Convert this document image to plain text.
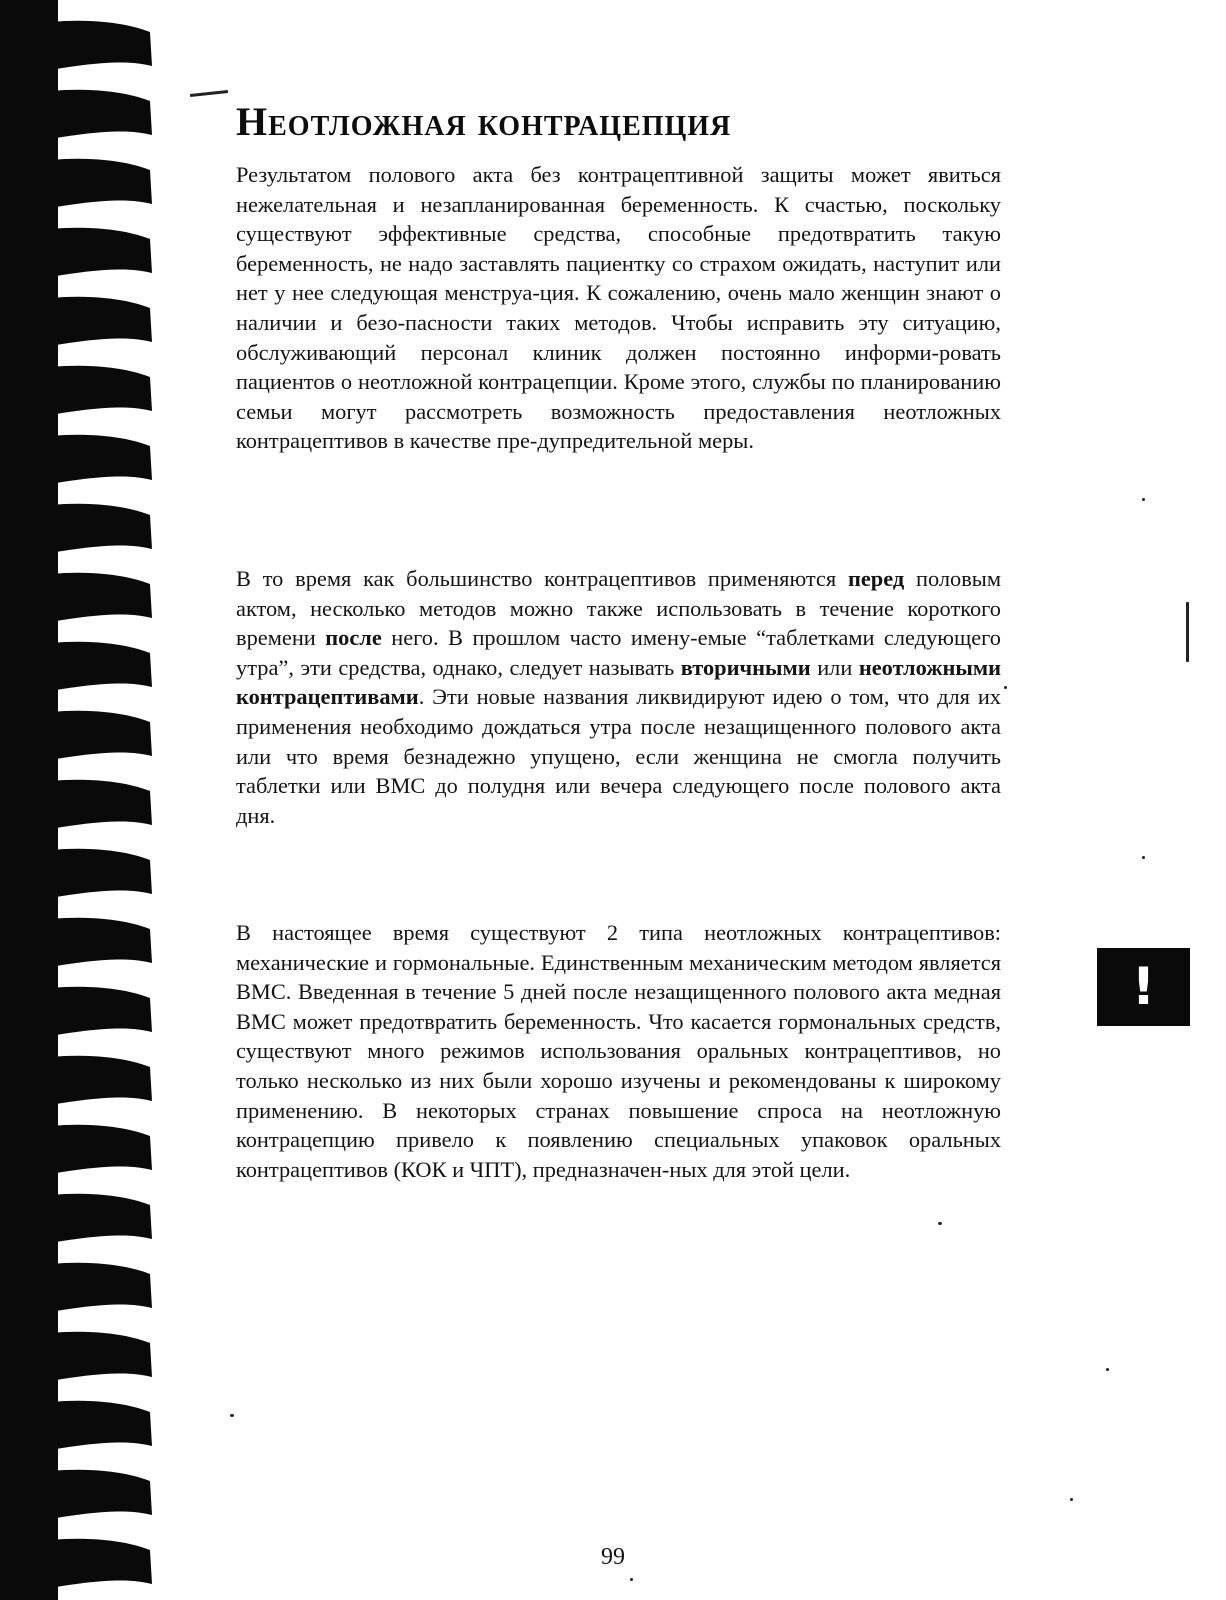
Неотложная контрацепция

Результатом полового акта без контрацептивной защиты может явиться нежелательная и незапланированная беременность. К счастью, поскольку существуют эффективные средства, способные предотвратить такую беременность, не надо заставлять пациентку со страхом ожидать, наступит или нет у нее следующая менструа-ция. К сожалению, очень мало женщин знают о наличии и безо-пасности таких методов. Чтобы исправить эту ситуацию, обслуживающий персонал клиник должен постоянно информи-ровать пациентов о неотложной контрацепции. Кроме этого, службы по планированию семьи могут рассмотреть возможность предоставления неотложных контрацептивов в качестве пре-дупредительной меры.

В то время как большинство контрацептивов применяются перед половым актом, несколько методов можно также использовать в течение короткого времени после него. В прошлом часто имену-емые “таблетками следующего утра”, эти средства, однако, следует называть вторичными или неотложными контрацептивами. Эти новые названия ликвидируют идею о том, что для их применения необходимо дождаться утра после незащищенного полового акта или что время безнадежно упущено, если женщина не смогла получить таблетки или ВМС до полудня или вечера следующего после полового акта дня.

В настоящее время существуют 2 типа неотложных контрацептивов: механические и гормональные. Единственным механическим методом является ВМС. Введенная в течение 5 дней после незащищенного полового акта медная ВМС может предотвратить беременность. Что касается гормональных средств, существуют много режимов использования оральных контрацептивов, но только несколько из них были хорошо изучены и рекомендованы к широкому применению. В некоторых странах повышение спроса на неотложную контрацепцию привело к появлению специальных упаковок оральных контрацептивов (КОК и ЧПТ), предназначен-ных для этой цели.

!
99
